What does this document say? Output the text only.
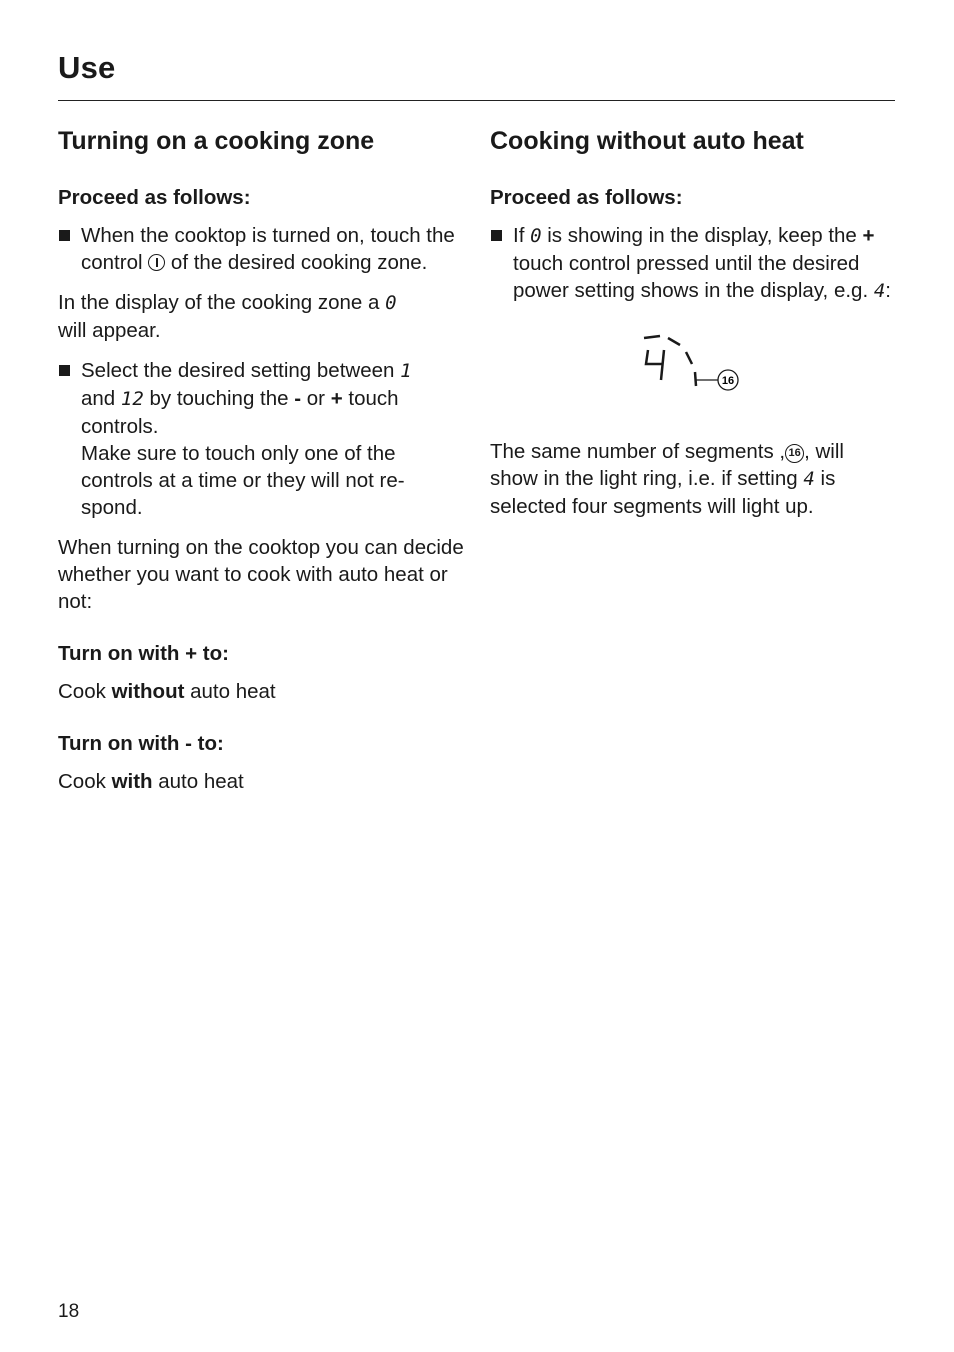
Use
Turning on a cooking zone
Proceed as follows:
When the cooktop is turned on, touch the control  of the desired cooking zone.

In the display of the cooking zone a 0
will appear.

Select the desired setting between 1
and 12 by touching the - or + touch controls.
Make sure to touch only one of the controls at a time or they will not re-spond.

When turning on the cooktop you can decide whether you want to cook with auto heat or not:

Turn on with + to:

Cook without auto heat

Turn on with - to:

Cook with auto heat

Cooking without auto heat
Proceed as follows:
If 0 is showing in the display, keep the + touch control pressed until the desired power setting shows in the display, e.g. 4:
16

The same number of segments , 16 , will show in the light ring, i.e. if setting 4 is selected four segments will light up.

18
